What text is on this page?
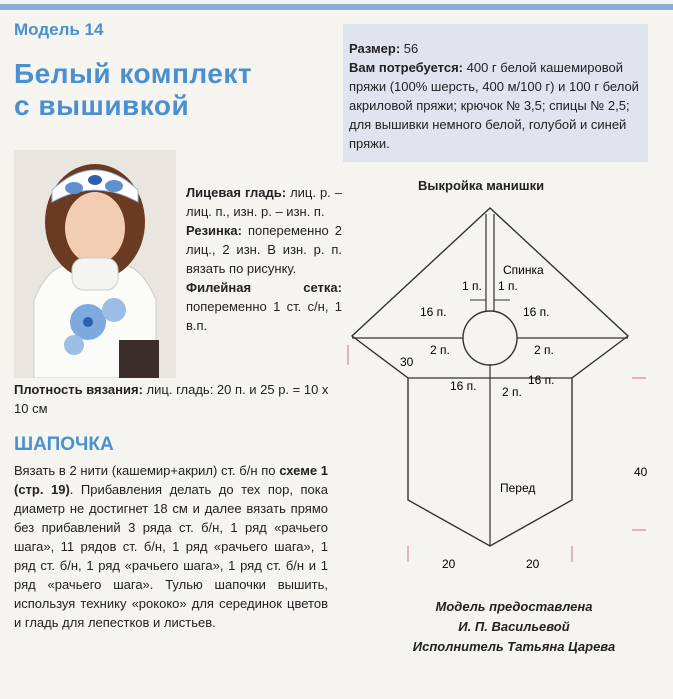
Модель 14
Белый комплект
с вышивкой
Лицевая гладь: лиц. р. – лиц. п., изн. р. – изн. п.
Резинка: попеременно 2 лиц., 2 изн. В изн. р. п. вязать по рисунку.
Филейная сетка: попеременно 1 ст. с/н, 1 в.п.
Плотность вязания: лиц. гладь: 20 п. и 25 р. = 10 х 10 см
ШАПОЧКА
Вязать в 2 нити (кашемир+акрил) ст. б/н по схеме 1 (стр. 19). Прибавления делать до тех пор, пока диаметр не достигнет 18 см и далее вязать прямо без прибавлений 3 ряда ст. б/н, 1 ряд «рачьего шага», 11 рядов ст. б/н, 1 ряд «рачьего шага», 1 ряд ст. б/н, 1 ряд «рачьего шага», 1 ряд ст. б/н и 1 ряд «рачьего шага». Тулью шапочки вышить, используя технику «рококо» для серединок цветов и гладь для лепестков и листьев.
Размер: 56
Вам потребуется: 400 г белой кашемировой пряжи (100% шерсть, 400 м/100 г) и 100 г белой акриловой пряжи; крючок № 3,5; спицы № 2,5; для вышивки немного белой, голубой и синей пряжи.
Выкройка манишки
Спинка
1 п. 1 п.
16 п.	16 п.
2 п.	2 п.
30
16 п.	16 п.
2 п.
Перед
40
20	20
Модель предоставлена
И. П. Васильевой
Исполнитель Татьяна Царева
